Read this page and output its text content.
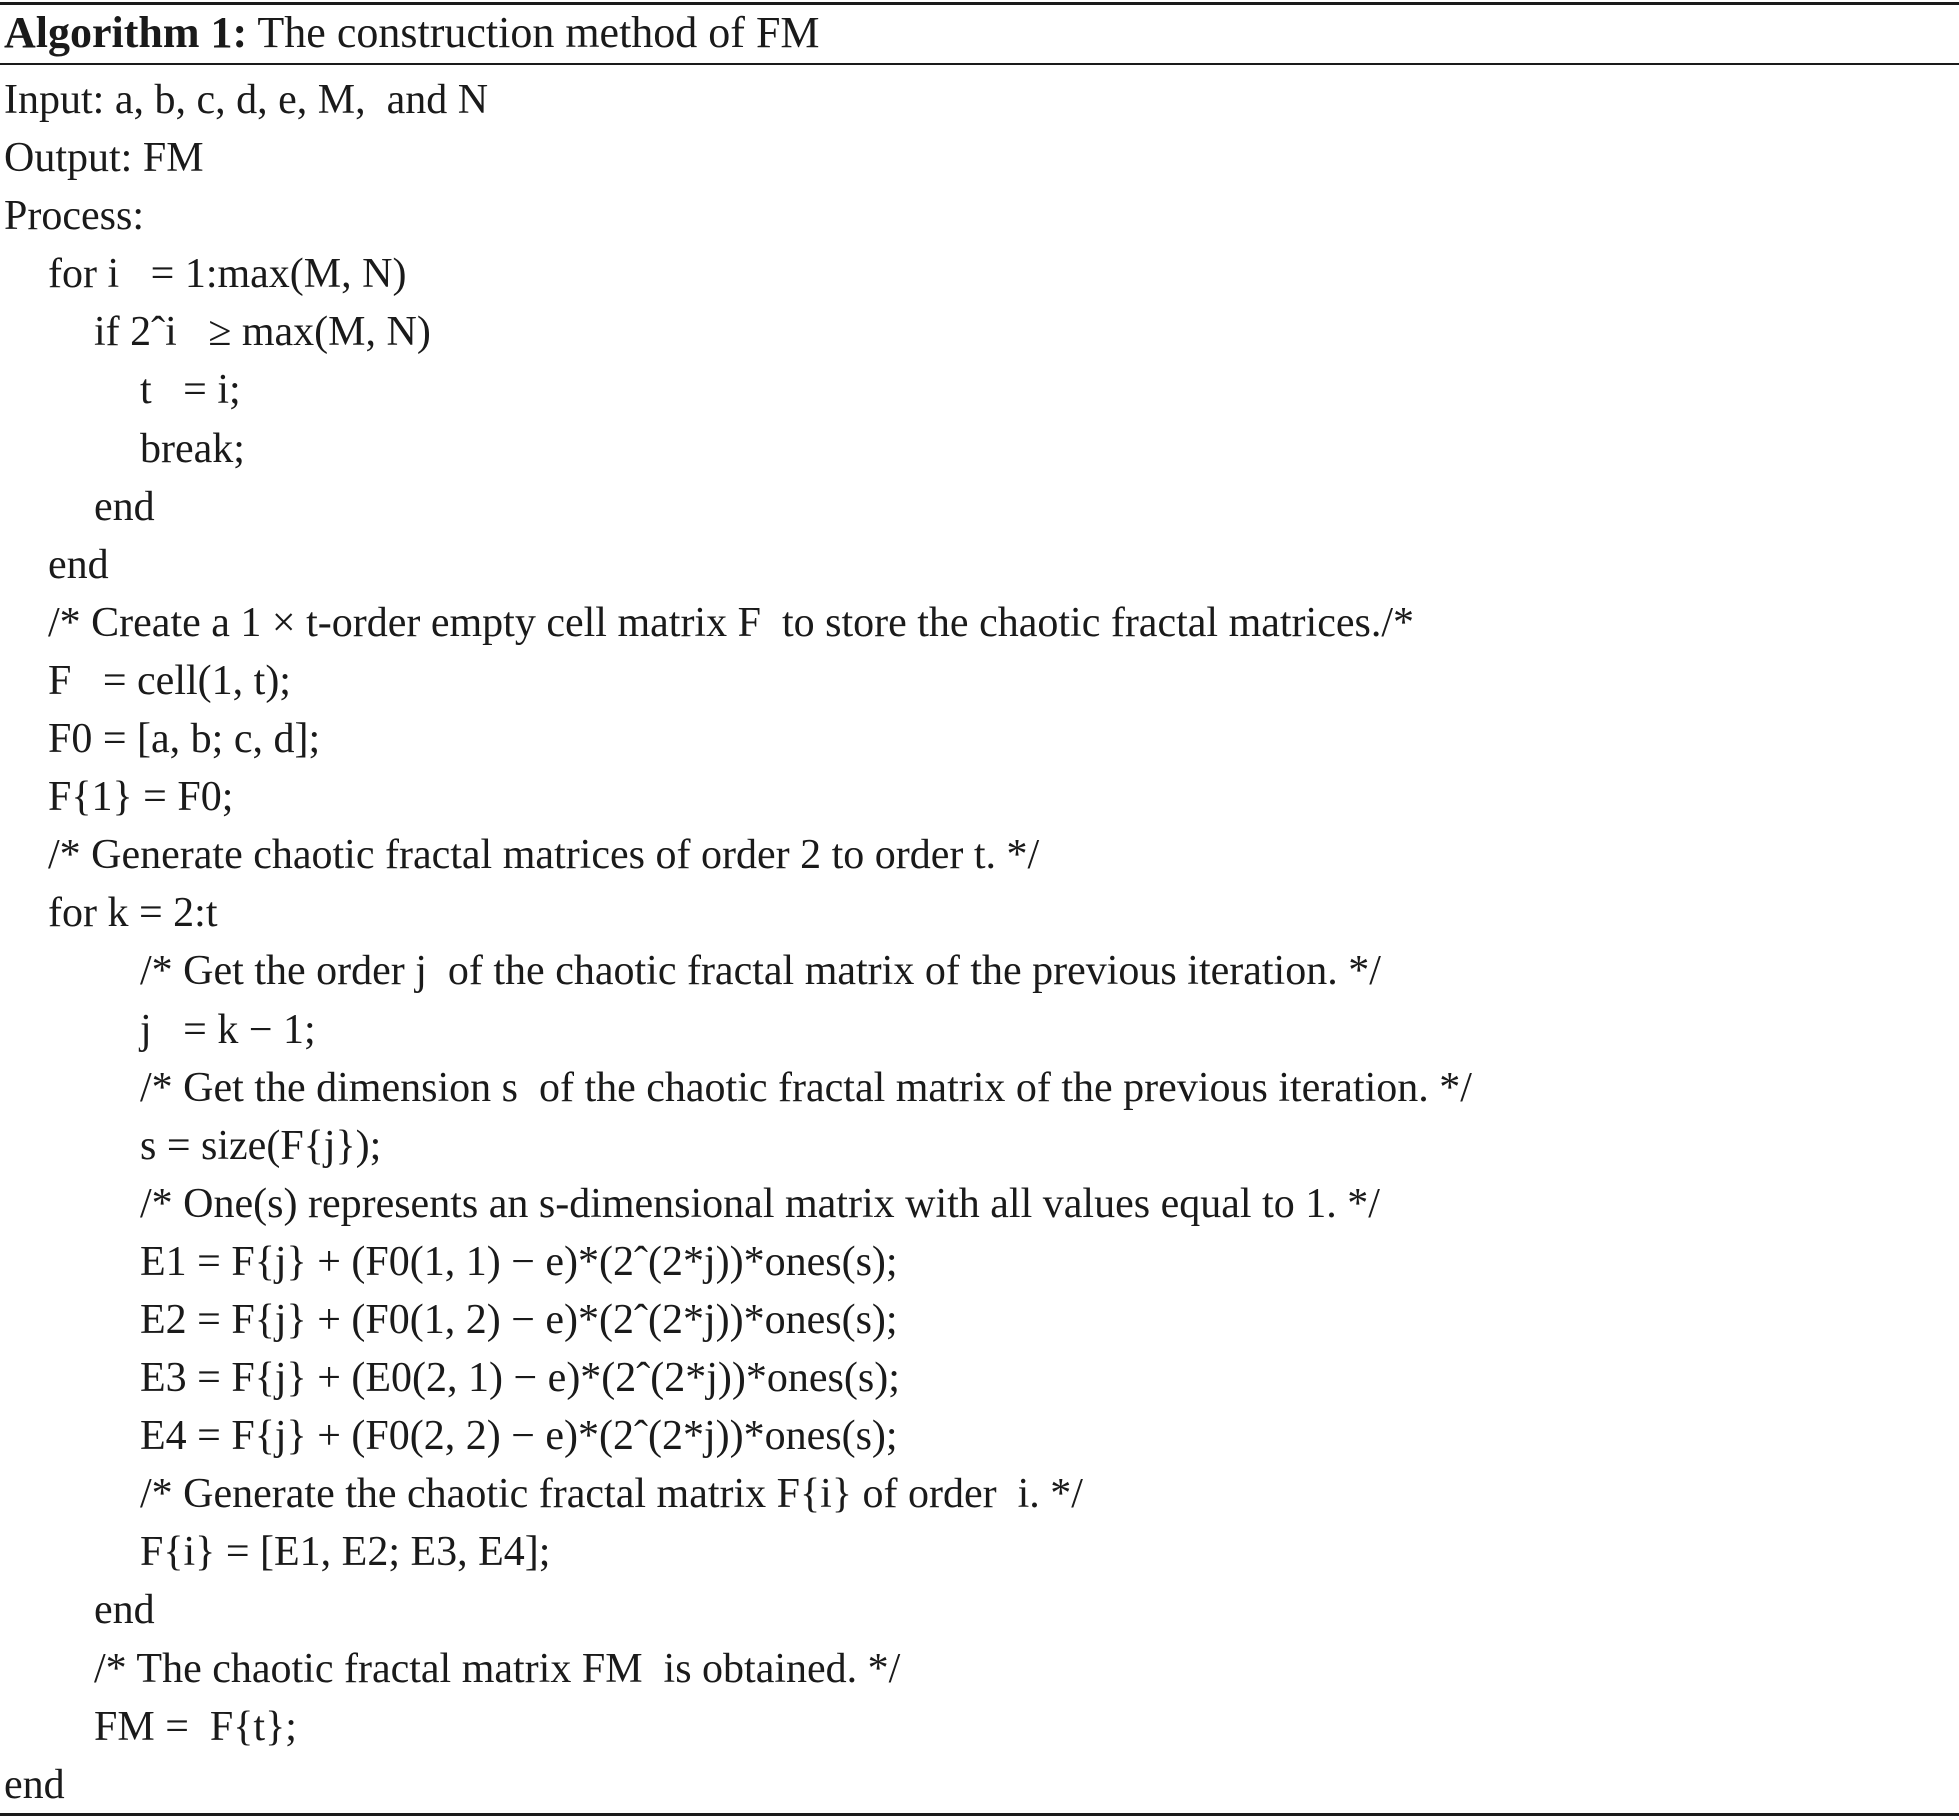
Algorithm 1: The construction method of FM
Input: a, b, c, d, e, M,  and N
Output: FM
Process:
for i   = 1:max(M, N)
if 2ˆi   ≥ max(M, N)
t   = i;
break;
end
end
/* Create a 1 × t-order empty cell matrix F  to store the chaotic fractal matrices./*
F   = cell(1, t);
F0 = [a, b; c, d];
F{1} = F0;
/* Generate chaotic fractal matrices of order 2 to order t. */
for k = 2:t
/* Get the order j  of the chaotic fractal matrix of the previous iteration. */
j   = k − 1;
/* Get the dimension s  of the chaotic fractal matrix of the previous iteration. */
s = size(F{j});
/* One(s) represents an s-dimensional matrix with all values equal to 1. */
E1 = F{j} + (F0(1, 1) − e)*(2ˆ(2*j))*ones(s);
E2 = F{j} + (F0(1, 2) − e)*(2ˆ(2*j))*ones(s);
E3 = F{j} + (E0(2, 1) − e)*(2ˆ(2*j))*ones(s);
E4 = F{j} + (F0(2, 2) − e)*(2ˆ(2*j))*ones(s);
/* Generate the chaotic fractal matrix F{i} of order  i. */
F{i} = [E1, E2; E3, E4];
end
/* The chaotic fractal matrix FM  is obtained. */
FM =  F{t};
end
